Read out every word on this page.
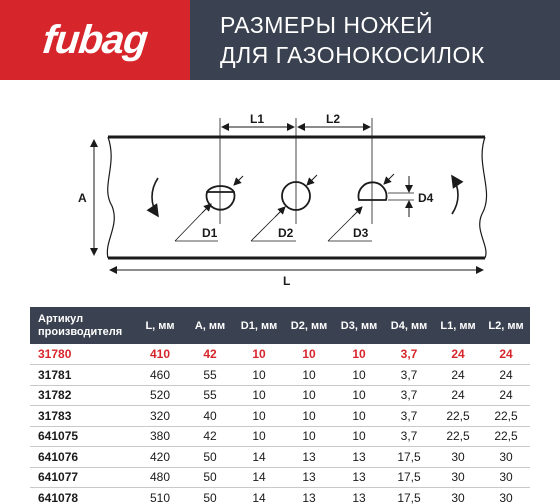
fubag	РАЗМЕРЫ НОЖЕЙ
ДЛЯ ГАЗОНОКОСИЛОК
A
L
L1	L2
D1	D2	D3
D4
Артикул производителя	L, мм	А, мм	D1, мм	D2, мм	D3, мм	D4, мм	L1, мм	L2, мм
31780	410	42	10	10	10	3,7	24	24
31781	460	55	10	10	10	3,7	24	24
31782	520	55	10	10	10	3,7	24	24
31783	320	40	10	10	10	3,7	22,5	22,5
641075	380	42	10	10	10	3,7	22,5	22,5
641076	420	50	14	13	13	17,5	30	30
641077	480	50	14	13	13	17,5	30	30
641078	510	50	14	13	13	17,5	30	30
